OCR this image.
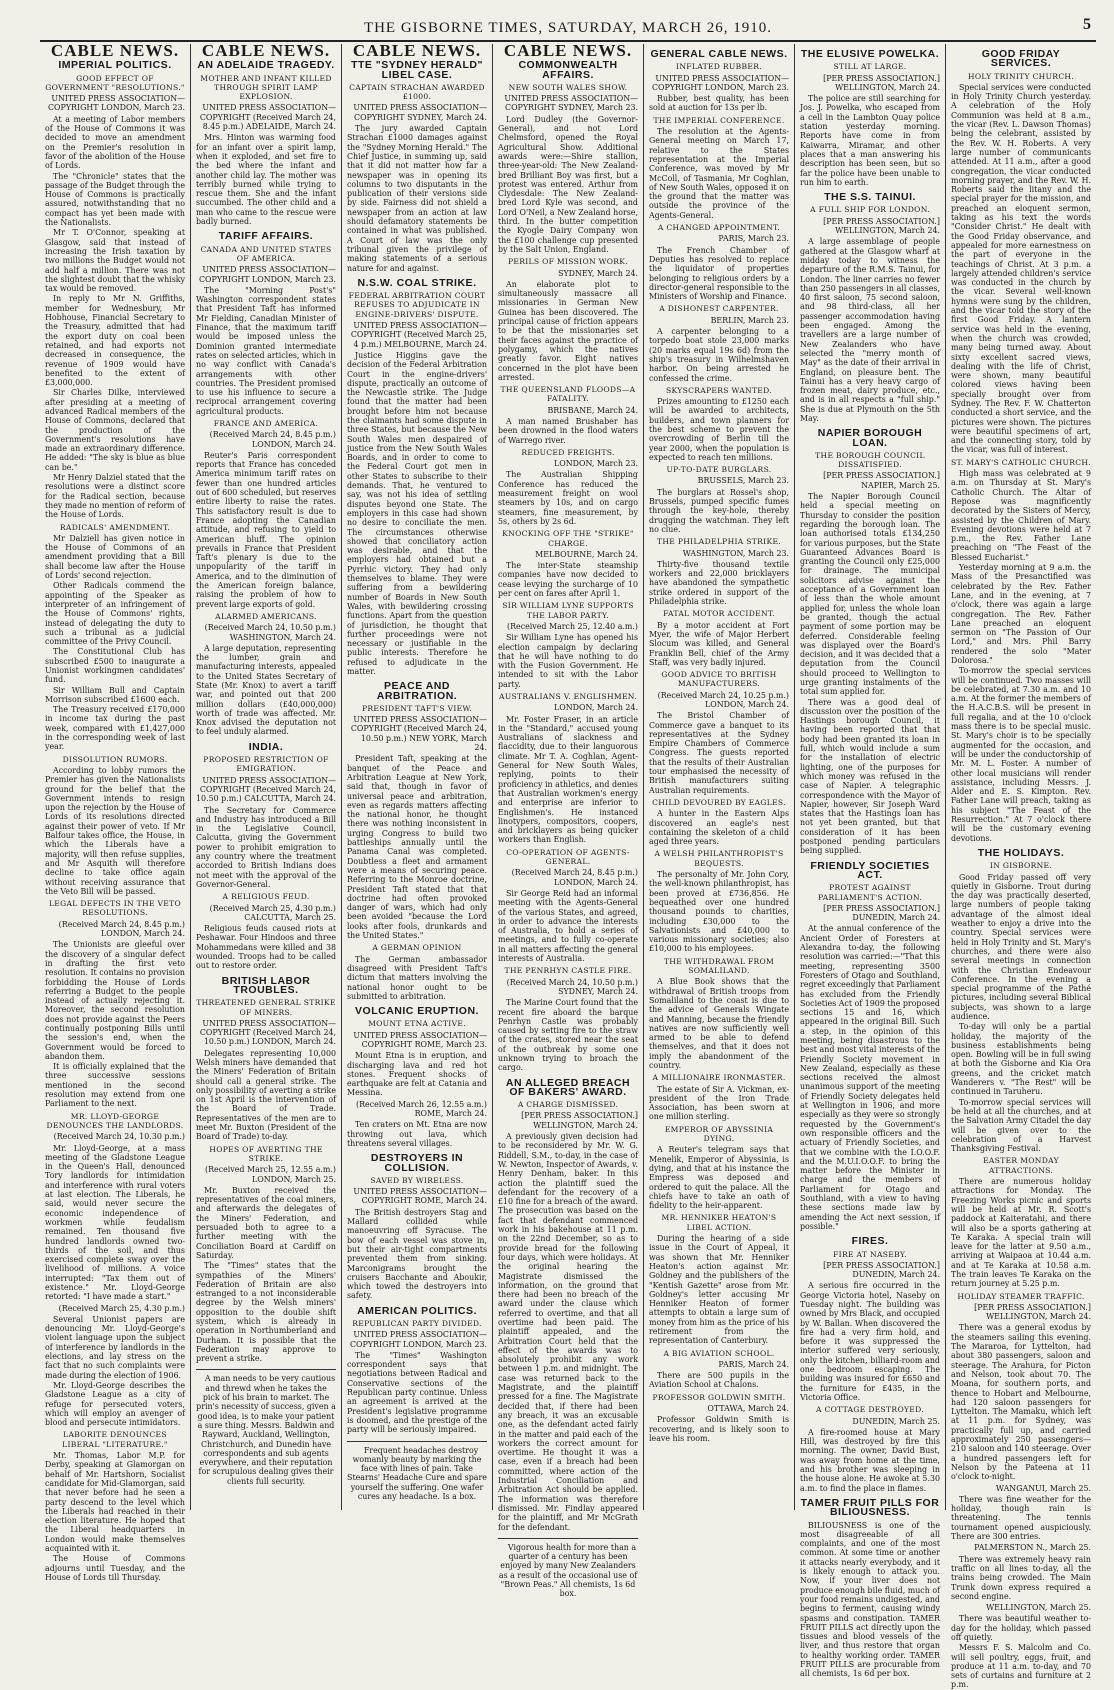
THE GISBORNE TIMES, SATURDAY, MARCH 26, 1910.	5
CABLE NEWS.
IMPERIAL POLITICS.
GOOD EFFECT OF GOVERNMENT "RESOLUTIONS."
UNITED PRESS ASSOCIATION—COPYRIGHT LONDON, March 23.

At a meeting of Labor members of the House of Commons it was decided to move an amendment on the Premier's resolution in favor of the abolition of the House of Lords.

The "Chronicle" states that the passage of the Budget through the House of Commons is practically assured, notwithstanding that no compact has yet been made with the Nationalists.

Mr T. O'Connor, speaking at Glasgow, said that instead of increasing the Irish taxation by two millions the Budget would not add half a million. There was not the slightest doubt that the whisky tax would be removed.

In reply to Mr N. Griffiths, member for Wednesbury, Mr Hobhouse, Financial Secretary to the Treasury, admitted that had the export duty on coal been retained, and had exports not decreased in consequence, the revenue of 1909 would have benefited to the extent of £3,000,000.

Sir Charles Dilke, interviewed after presiding at a meeting of advanced Radical members of the House of Commons, declared that the production of the Government's resolutions have made an extraordinary difference. He added: "The sky is blue as blue can be."

Mr Henry Dalziel stated that the resolutions were a distinct score for the Radical section, because they made no mention of reform of the House of Lords.

RADICALS' AMENDMENT.

Mr Dalziell has given notice in the House of Commons of an amendment providing that a Bill shall become law after the House of Lords' second rejection.

Other Radicals commend the appointing of the Speaker as interpreter of an infringement of the House of Commons' rights, instead of delegating the duty to such a tribunal as a judicial committee of the Privy Council.

The Constitutional Club has subscribed £500 to inaugurate a Unionist workingmen candidates' fund.

Sir William Bull and Captain Morrison subscribed £1600 each.

The Treasury received £170,000 in income tax during the past week, compared with £1,427,000 in the corresponding week of last year.

DISSOLUTION RUMORS.

According to lobby rumors the Premier has given the Nationalists ground for the belief that the Government intends to resign upon the rejection by the House of Lords of its resolutions directed against their power of veto. If Mr Balfour takes office, the House, in which the Liberals have a majority, will then refuse supplies, and Mr Asquith will therefore decline to take office again without receiving assurance that the Veto Bill will be passed.

LEGAL DEFECTS IN THE VETO RESOLUTIONS.
(Received March 24, 8.45 p.m.) LONDON, March 24.

The Unionists are gleeful over the discovery of a singular defect in drafting the first veto resolution. It contains no provision forbidding the House of Lords referring a Budget to the people instead of actually rejecting it. Moreover, the second resolution does not provide against the Peers continually postponing Bills until the session's end, when the Government would be forced to abandon them.

It is officially explained that the three successive sessions mentioned in the second resolution may extend from one Parliament to the next.

MR. LLOYD-GEORGE DENOUNCES THE LANDLORDS.
(Received March 24, 10.30 p.m.)

Mr. Lloyd-George, at a mass meeting of the Gladstone League in the Queen's Hall, denounced Tory landlords for intimidation and interference with rural voters at last election. The Liberals, he said, would never secure the economic independence of workmen while feudalism remained. Ten thousand five hundred landlords owned two-thirds of the soil, and thus exercised complete sway over the livelihood of millions. A voice interrupted: "Tax them out of existence." Mr. Lloyd-George retorted: "I have made a start."

(Received March 25, 4.30 p.m.)

Several Unionist papers are denouncing Mr. Lloyd-George's violent language upon the subject of interference by landlords in the elections, and lay stress on the fact that no such complaints were made during the election of 1906.

Mr. Lloyd-George describes the Gladstone League as a city of refuge for persecuted voters, which will employ an avenger of blood and persecute intimidators.

LABORITE DENOUNCES LIBERAL "LITERATURE."

Mr. Thomas, Labor M.P. for Derby, speaking at Glamorgan on behalf of Mr. Hartshorn, Socialist candidate for Mid-Glamorgan, said that never before had he seen a party descend to the level which the Liberals had reached in their election literature. He hoped that the Liberal headquarters in London would make themselves acquainted with it.

The House of Commons adjourns until Tuesday, and the House of Lords till Thursday.

CABLE NEWS.
AN ADELAIDE TRAGEDY.
MOTHER AND INFANT KILLED THROUGH SPIRIT LAMP EXPLOSION.
UNITED PRESS ASSOCIATION—COPYRIGHT (Received March 24, 8.45 p.m.) ADELAIDE, March 24.

Mrs. Hinton was warming food for an infant over a spirit lamp, when it exploded, and set fire to the bed where the infant and another child lay. The mother was terribly burned while trying to rescue them. She and the infant succumbed. The other child and a man who came to the rescue were badly burned.

TARIFF AFFAIRS.
CANADA AND UNITED STATES OF AMERICA.
UNITED PRESS ASSOCIATION—COPYRIGHT LONDON, March 23.

The "Morning Post's" Washington correspondent states that President Taft has informed Mr Fielding, Canadian Minister of Finance, that the maximum tariff would be imposed unless the Dominion granted intermediate rates on selected articles, which in no way conflict with Canada's arrangements with other countries. The President promised to use his influence to secure a reciprocal arrangement covering agricultural products.

FRANCE AND AMERICA.
(Received March 24, 8.45 p.m.) LONDON, March 24.

Reuter's Paris correspondent reports that France has conceded America minimum tariff rates on fewer than one hundred articles out of 600 scheduled, but reserves entire liberty to raise the rates. This satisfactory result is due to France adopting the Canadian attitude, and refusing to yield to American bluff. The opinion prevails in France that President Taft's plenary is due to the unpopularity of the tariff in America, and to the diminution of the American foreign balance, raising the problem of how to prevent large exports of gold.

ALARMED AMERICANS.
(Received March 24, 10.50 p.m.) WASHINGTON, March 24.

A large deputation, representing the lumber, grain and manufacturing interests, appealed to the United States Secretary of State (Mr. Knox) to avert a tariff war, and pointed out that 200 million dollars (£40,000,000) worth of trade was affected. Mr. Knox advised the deputation not to feel unduly alarmed.

INDIA.
PROPOSED RESTRICTION OF EMIGRATION.
UNITED PRESS ASSOCIATION—COPYRIGHT (Received March 24, 10.50 p.m.) CALCUTTA, March 24.

The Secretary for Commerce and Industry has introduced a Bill in the Legislative Council, Calcutta, giving the Government power to prohibit emigration to any country where the treatment accorded to British Indians does not meet with the approval of the Governor-General.

A RELIGIOUS FEUD.
(Received March 25, 4.30 p.m.) CALCUTTA, March 25.

Religious feuds caused riots at Peshawar. Four Hindoos and three Mohammedans were killed and 38 wounded. Troops had to be called out to restore order.

BRITISH LABOR TROUBLES.
THREATENED GENERAL STRIKE OF MINERS.
UNITED PRESS ASSOCIATION—COPYRIGHT (Received March 24, 10.50 p.m.) LONDON, March 24.

Delegates representing 10,000 Welsh miners have demanded that the Miners' Federation of Britain should call a general strike. The only possibility of averting a strike on 1st April is the intervention of the Board of Trade. Representatives of the men are to meet Mr. Buxton (President of the Board of Trade) to-day.

HOPES OF AVERTING THE STRIKE.
(Received March 25, 12.55 a.m.) LONDON, March 25.

Mr. Buxton received the representatives of the coal miners, and afterwards the delegates of the Miners' Federation, and persuaded both to agree to a further meeting with the Conciliation Board at Cardiff on Saturday.

The "Times" states that the sympathies of the Miners' Federation of Britain are also estranged to a not inconsiderable degree by the Welsh miners' opposition to the double shift system, which is already in operation in Northumberland and Durham. It is possible that the Federation may approve to prevent a strike.

A man needs to be very cautious and threwd when he takes the pick of his brain to market. The prin's necessity of success, given a good idea, is to make your patient a sure thing. Messrs. Baldwin and Rayward, Auckland, Wellington, Christchurch, and Dunedin have correspondents and sub agents everywhere, and their reputation for scrupulous dealing gives their clients full security.

CABLE NEWS.
TTE "SYDNEY HERALD" LIBEL CASE.
CAPTAIN STRACHAN AWARDED £1000.
UNITED PRESS ASSOCIATION—COPYRIGHT SYDNEY, March 24.

The jury awarded Captain Strachan £1000 damages against the "Sydney Morning Herald." The Chief Justice, in summing up, said that it did not matter how far a newspaper was in opening its columns to two disputants in the publication of their versions side by side. Fairness did not shield a newspaper from an action at law should defamatory statements be contained in what was published. A Court of law was the only tribunal given the privilege of making statements of a serious nature for and against.

N.S.W. COAL STRIKE.
FEDERAL ARBITRATION COURT REFUSES TO ADJUDICATE IN ENGINE-DRIVERS' DISPUTE.
UNITED PRESS ASSOCIATION—COPYRIGHT (Received March 25, 4 p.m.) MELBOURNE, March 24.

Justice Higgins gave the decision of the Federal Arbitration Court in the engine-drivers' dispute, practically an outcome of the Newcastle strike. The Judge found that the matter had been brought before him not because the claimants had some dispute in three States, but because the New South Wales men despaired of justice from the New South Wales Boards, and in order to come to the Federal Court got men in other States to subscribe to their demands. That, he ventured to say, was not his idea of settling disputes beyond one State. The employers in this case had shown no desire to conciliate the men. The circumstances otherwise showed that conciliatory action was desirable, and that the employers had obtained but a Pyrrhic victory. They had only themselves to blame. They were suffering from a bewildering number of Boards in New South Wales, with bewildering crossing functions. Apart from the question of jurisdiction, he thought that further proceedings were not necessary or justifiable in the public interests. Therefore he refused to adjudicate in the matter.

PEACE AND ARBITRATION.
PRESIDENT TAFT'S VIEW.
UNITED PRESS ASSOCIATION—COPYRIGHT (Received March 24, 10.50 p.m.) NEW YORK, March 24.

President Taft, speaking at the banquet of the Peace and Arbitration League at New York, said that, though in favor of universal peace and arbitration, even as regards matters affecting the national honor, he thought there was nothing inconsistent in urging Congress to build two battleships annually until the Panama Canal was completed. Doubtless a fleet and armament were a means of securing peace. Referring to the Monroe doctrine, President Taft stated that that doctrine had often provoked danger of wars, which had only been avoided "because the Lord looks after fools, drunkards and the United States."

A GERMAN OPINION

The German ambassador disagreed with President Taft's dictum that matters involving the national honor ought to be submitted to arbitration.

VOLCANIC ERUPTION.
MOUNT ETNA ACTIVE.
UNITED PRESS ASSOCIATION—COPYRIGHT ROME, March 23.

Mount Etna is in eruption, and discharging lava and red hot stones. Frequent shocks of earthquake are felt at Catania and Messina.

(Received March 26, 12.55 a.m.) ROME, March 24.

Ten craters on Mt. Etna are now throwing out lava, which threatens several villages.

DESTROYERS IN COLLISION.
SAVED BY WIRELESS.
UNITED PRESS ASSOCIATION—COPYRIGHT ROME, March 24.

The British destroyers Stag and Mallard collided while manoeuvring off Syracuse. The bow of each vessel was stove in, but their air-tight compartments prevented them from sinking. Marconigrams brought the cruisers Bacchante and Aboukir, which towed the destroyers into safety.

AMERICAN POLITICS.
REPUBLICAN PARTY DIVIDED.
UNITED PRESS ASSOCIATION—COPYRIGHT LONDON, March 23.

The "Times" Washington correspondent says that negotiations between Radical and Conservative sections of the Republican party continue. Unless an agreement is arrived at the President's legislative programme is doomed, and the prestige of the party will be seriously impaired.

Frequent headaches destroy womanly beauty by marking the face with lines of pain. Take Stearns' Headache Cure and spare yourself the suffering. One wafer cures any headache. Is a box.

CABLE NEWS.
COMMONWEALTH AFFAIRS.
NEW SOUTH WALES SHOW.
UNITED PRESS ASSOCIATION—COPYRIGHT SYDNEY, March 23.

Lord Dudley (the Governor-General), and not Lord Chelmsford, opened the Royal Agricultural Show. Additional awards were:—Shire stallion, three-year-old: The New Zealand-bred Brilliant Boy was first, but a protest was entered. Arthur from Clydesdale: The New Zealand-bred Lord Kyle was second, and Lord O'Neil, a New Zealand horse, third. In the butter competition the Kyogle Dairy Company won the £100 challenge cup presented by the Salt Union, England.

PERILS OF MISSION WORK.
SYDNEY, March 24.

An elaborate plot to simultaneously massacre all missionaries in German New Guinea has been discovered. The principal cause of friction appears to be that the missionaries set their faces against the practice of polygamy, which the natives greatly favor. Eight natives concerned in the plot have been arrested.

THE QUEENSLAND FLOODS—A FATALITY.
BRISBANE, March 24.

A man named Brushaber has been drowned in the flood waters of Warrego river.

REDUCED FREIGHTS.
LONDON, March 23.

The Australian Shipping Conference has reduced the measurement freight on wool steamers by 10s, and on cargo steamers, fine measurement, by 5s, others by 2s 6d.

KNOCKING OFF THE "STRIKE" CHARGE.
MELBOURNE, March 24.

The inter-State steamship companies have now decided to cease levying the surcharge of 10 per cent on fares after April 1.

SIR WILLIAM LYNE SUPPORTS THE LABOR PARTY.
(Received March 25, 12.40 a.m.)

Sir William Lyne has opened his election campaign by declaring that he will have nothing to do with the Fusion Government. He intended to sit with the Labor party.

AUSTRALIANS V. ENGLISHMEN.
LONDON, March 24.

Mr. Foster Fraser, in an article in the "Standard," accused young Australians of slackness and flaccidity, due to their languorous climate. Mr T. A. Coghlan, Agent-General for New South Wales, replying, points to their proficiency in athletics, and denies that Australian workmen's energy and enterprise are inferior to Englishmen's. He instanced linotypers, compositors, coopers, and bricklayers as being quicker workers than English.

CO-OPERATION OF AGENTS-GENERAL.
(Received March 24, 8.45 p.m.) LONDON, March 24.

Sir George Reid had an informal meeting with the Agents-General of the various States, and agreed, in order to advance the interests of Australia, to hold a series of meetings, and to fully co-operate in all matters affecting the general interests of Australia.

THE PENRHYN CASTLE FIRE.
(Received March 24, 10.50 p.m.) SYDNEY, March 24.

The Marine Court found that the recent fire aboard the barque Penrhyn Castle was probably caused by setting fire to the straw of the crates, stored near the seat of the outbreak by some one unknown trying to broach the cargo.

AN ALLEGED BREACH OF BAKERS' AWARD.
A CHARGE DISMISSED.
[PER PRESS ASSOCIATION.] WELLINGTON, March 24.

A previously given decision had to be reconsidered by Mr. W. G. Riddell, S.M., to-day, in the case of W. Newton, Inspector of Awards, v. Henry Denham, baker. In this action the plaintiff sued the defendant for the recovery of a £10 fine for a breach of the award. The prosecution was based on the fact that defendant commenced work in his bakehouse at 11 p.m. on the 22nd December, so as to provide bread for the following four days, which were holidays. At the original hearing the Magistrate dismissed the information, on the ground that there had been no breach of the award under the clause which referred to overtime, and that all overtime had been paid. The plaintiff appealed, and the Arbitration Court held that the effect of the awards was to absolutely prohibit any work between 1 p.m. and midnight. The case was returned back to the Magistrate, and the plaintiff pressed for a fine. The Magistrate decided that, if there had been any breach, it was an excusable one, as the defendant acted fairly in the matter and paid each of the workers the correct amount for overtime. He thought it was a case, even if a breach had been committed, where action of the Industrial Conciliation and Arbitration Act should be applied. The information was therefore dismissed. Mr. Findlay appeared for the plaintiff, and Mr McGrath for the defendant.

Vigorous health for more than a quarter of a century has been enjoyed by many New Zealanders as a result of the occasional use of "Brown Peas." All chemists, 1s 6d box.

GENERAL CABLE NEWS.
INFLATED RUBBER.
UNITED PRESS ASSOCIATION—COPYRIGHT LONDON, March 23.

Rubber, best quality, has been sold at auction for 13s per lb.

THE IMPERIAL CONFERENCE.

The resolution at the Agents-General meeting on March 17, relative to the States representation at the Imperial Conference, was moved by Mr McColl, of Tasmania, Mr Coghlan, of New South Wales, opposed it on the ground that the matter was outside the province of the Agents-General.

A CHANGED APPOINTMENT.
PARIS, March 23.

The French Chamber of Deputies has resolved to replace the liquidator of properties belonging to religious orders by a director-general responsible to the Ministers of Worship and Finance.

A DISHONEST CARPENTER.
BERLIN, March 23.

A carpenter belonging to a torpedo boat stole 23,000 marks (20 marks equal 19s 6d) from the ship's treasury in Wilhelmshaven harbor. On being arrested he confessed the crime.

SKYSCRAPERS WANTED.

Prizes amounting to £1250 each will be awarded to architects, builders, and town planners for the best scheme to prevent the overcrowding of Berlin till the year 2000, when the population is expected to reach ten millions.

UP-TO-DATE BURGLARS.
BRUSSELS, March 23.

The burglars at Rossel's shop, Brussels, pumped specific fumes through the key-hole, thereby drugging the watchman. They left no clue.

THE PHILADELPHIA STRIKE.
WASHINGTON, March 23.

Thirty-five thousand textile workers and 22,000 bricklayers have abandoned the sympathetic strike ordered in support of the Philadelphia strike.

FATAL MOTOR ACCIDENT.

By a motor accident at Fort Myer, the wife of Major Herbert Slocum was killed, and General Franklin Bell, chief of the Army Staff, was very badly injured.

GOOD ADVICE TO BRITISH MANUFACTURERS.
(Received March 24, 10.25 p.m.) LONDON, March 24.

The Bristol Chamber of Commerce gave a banquet to its representatives at the Sydney Empire Chambers of Commerce Congress. The guests reported that the results of their Australian tour emphasised the necessity of British manufacturers suiting Australian requirements.

CHILD DEVOURED BY EAGLES.

A hunter in the Eastern Alps discovered an eagle's nest containing the skeleton of a child aged three years.

A WELSH PHILANTHROPIST'S BEQUESTS.

The personalty of Mr. John Cory, the well-known philanthropist, has been proved at £736,856. He bequeathed over one hundred thousand pounds to charities, including £30,000 to the Salvationists and £40,000 to various missionary societies; also £10,000 to his employees.

THE WITHDRAWAL FROM SOMALILAND.

A Blue Book shows that the withdrawal of British troops from Somaliland to the coast is due to the advice of Generals Wingate and Manning, because the friendly natives are now sufficiently well armed to be able to defend themselves, and that it does not imply the abandonment of the country.

A MILLIONAIRE IRONMASTER.

The estate of Sir A. Vickman, ex-president of the Iron Trade Association, has been sworn at one million sterling.

EMPEROR OF ABYSSINIA DYING.

A Reuter's telegram says that Menelik, Emperor of Abyssinia, is dying, and that at his instance the Empress was deposed and ordered to quit the palace. All the chiefs have to take an oath of fidelity to the heir-apparent.

MR. HENNIKER HEATON'S LIBEL ACTION.

During the hearing of a side issue in the Court of Appeal, it was shown that Mr. Henniker Heaton's action against Mr. Goldney and the publishers of the "Kentish Gazette" arose from Mr. Goldney's letter accusing Mr Henniker Heaton of former attempts to obtain a large sum of money from him as the price of his retirement from the representation of Canterbury.

A BIG AVIATION SCHOOL.
PARIS, March 24.

There are 500 pupils in the Aviation School at Chalons.

PROFESSOR GOLDWIN SMITH.
OTTAWA, March 24.

Professor Goldwin Smith is recovering, and is likely soon to leave his room.

THE ELUSIVE POWELKA.
STILL AT LARGE.
[PER PRESS ASSOCIATION.] WELLINGTON, March 24.

The police are still searching for Jos. J. Powelka, who escaped from a cell in the Lambton Quay police station yesterday morning. Reports have come in from Kaiwarra, Miramar, and other places that a man answering his description has been seen, but so far the police have been unable to run him to earth.

THE S.S. TAINUI.
A FULL SHIP FOR LONDON.
[PER PRESS ASSOCIATION.] WELLINGTON, March 24.

A large assemblage of people gathered at the Glasgow wharf at midday today to witness the departure of the R.M.S. Tainui, for London. The liner carries no fewer than 250 passengers in all classes, 40 first saloon, 75 second saloon, and 98 third-class, all her passenger accommodation having been engaged. Among the travellers are a large number of New Zealanders who have selected the "merry month of May" as the date of their arrival in England, on pleasure bent. The Tainui has a very heavy cargo of frozen meat, dairy produce, etc., and is in all respects a "full ship." She is due at Plymouth on the 5th May.

NAPIER BOROUGH LOAN.
THE BOROUGH COUNCIL DISSATISFIED.
[PER PRESS ASSOCIATION.] NAPIER, March 25.

The Napier Borough Council held a special meeting on Thursday to consider the position regarding the borough loan. The loan authorised totals £134,250 for various purposes, but the State Guaranteed Advances Board is granting the Council only £25,000 for drainage. The municipal solicitors advise against the acceptance of a Government loan of less than the whole amount applied for, unless the whole loan be granted, though the actual payment of some portion may be deferred. Considerable feeling was displayed over the Board's decision, and it was decided that a deputation from the Council should proceed to Wellington to urge granting instalments of the total sum applied for.

There was a good deal of discussion over the position of the Hastings borough Council, it having been reported that that body had been granted its loan in full, which would include a sum for the installation of electric lighting, one of the purposes for which money was refused in the case of Napier. A telegraphic correspondence with the Mayor of Napier, however, Sir Joseph Ward states that the Hastings loan has not yet been granted, but that consideration of it has been postponed pending particulars being supplied.

FRIENDLY SOCIETIES ACT.
PROTEST AGAINST PARLIAMENT'S ACTION.
[PER PRESS ASSOCIATION.] DUNEDIN, March 24.

At the annual conference of the Ancient Order of Foresters at Alexandra to-day, the following resolution was carried:—"That this meeting, representing 3500 Foresters of Otago and Southland, regret exceedingly that Parliament has excluded from the Friendly Societies Act of 1909 the proposed sections 15 and 16, which appeared in the original Bill. Such a step, in the opinion of this meeting, being disastrous to the best and most vital interests of the Friendly Society movement in New Zealand, especially as these sections received the almost unanimous support of the meeting of Friendly Society delegates held at Wellington in 1906, and more especially as they were so strongly requested by the Government's own responsible officers and the actuary of Friendly Societies, and that we combine with the I.O.O.F. and the M.U.I.O.O.F. to bring the matter before the Minister in charge and the members of Parliament for Otago and Southland, with a view to having these sections made law by amending the Act next session, if possible."

FIRES.
FIRE AT NASEBY.
[PER PRESS ASSOCIATION.] DUNEDIN, March 24.

A serious fire occurred in the George Victoria hotel, Naseby on Tuesday night. The building was owned by Mrs Black, and occupied by W. Ballan. When discovered the fire had a very firm hold, and before it was suppressed the interior suffered very seriously, only the kitchen, billiard-room and one bedroom escaping. The building was insured for £650 and the furniture for £435, in the Victoria Office.

A COTTAGE DESTROYED.
DUNEDIN, March 25.

A fire-roomed house at Mary Hill, was destroyed by fire this morning. The owner, David Bust, was away from home at the time, and his brother was sleeping in the house alone. He awoke at 5.30 a.m. to find the place in flames.

TAMER FRUIT PILLS FOR BILIOUSNESS.

BILIOUSNESS is one of the most disagreeable of all complaints, and one of the most common. At some time or another it attacks nearly everybody, and it is likely enough to attack you. Now, if your liver does not produce enough bile fluid, much of your food remains undigested, and begins to ferment, causing windy spasms and constipation. TAMER FRUIT PILLS act directly upon the tissues and blood vessels of the liver, and thus restore that organ to healthy working order. TAMER FRUIT PILLS are procurable from all chemists, 1s 6d per box.

GOOD FRIDAY SERVICES.
HOLY TRINITY CHURCH.

Special services were conducted in Holy Trinity Church yesterday. A celebration of the Holy Communion was held at 8 a.m., the vicar (Rev. L. Dawson Thomas) being the celebrant, assisted by the Rev. W. H. Roberts. A very large number of communicants attended. At 11 a.m., after a good congregation, the vicar conducted morning prayer, and the Rev. W. H. Roberts said the litany and the special prayer for the mission, and preached an eloquent sermon, taking as his text the words "Consider Christ." He dealt with the Good Friday observance, and appealed for more earnestness on the part of everyone in the teachings of Christ. At 3 p.m. a largely attended children's service was conducted in the church by the vicar. Several well-known hymns were sung by the children, and the vicar told the story of the first Good Friday. A lantern service was held in the evening, when the church was crowded, many being turned away. About sixty excellent sacred views, dealing with the life of Christ, were shown, many beautiful colored views having been specially brought over from Sydney. The Rev. F. W. Chatterton conducted a short service, and the pictures were shown. The pictures were beautiful specimens of art, and the connecting story, told by the vicar, was full of interest.

ST. MARY'S CATHOLIC CHURCH.

High mass was celebrated at 9 a.m. on Thursday at St. Mary's Catholic Church. The Altar of Repose was magnificently decorated by the Sisters of Mercy, assisted by the Children of Mary. Evening devotions were held at 7 p.m., the Rev. Father Lane preaching on "The Feast of the Blessed Eucharist."

Yesterday morning at 9 a.m. the Mass of the Presanctified was celebrated by the Rev. Father Lane, and in the evening, at 7 o'clock, there was again a large congregation. The Rev. Father Lane preached an eloquent sermon on "The Passion of Our Lord," and Mrs. Phil Barry rendered the solo "Mater Dolorosa."

To-morrow the special services will be continued. Two masses will be celebrated, at 7.30 a.m. and 10 a.m. At the former the members of the H.A.C.B.S. will be present in full regalia, and at the 10 o'clock mass there is to be special music. St. Mary's choir is to be specially augmented for the occasion, and will be under the conductorship of Mr. M. L. Foster. A number of other local musicians will render assistance, including Messrs. J. Alder and E. S. Kimpton. Rev. Father Lane will preach, taking as his subject "The Feast of the Resurrection." At 7 o'clock there will be the customary evening devotions.

THE HOLIDAYS.
IN GISBORNE.

Good Friday passed off very quietly in Gisborne. Trout during the day was practically deserted, large numbers of people taking advantage of the almost ideal weather to enjoy a drive into the country. Special services were held in Holy Trinity and St. Mary's churches, and there were also several meetings in connection with the Christian Endeavour Conference. In the evening a special programme of the Pathé pictures, including several Biblical subjects, was shown to a large audience.

To-day will only be a partial holiday, the majority of the business establishments being open. Bowling will be in full swing at both the Gisborne and Kia Ora greens, and the cricket match Wanderers v. "The Rest" will be continued in Taruheru.

To-morrow special services will be held at all the churches, and at the Salvation Army Citadel the day will be given over to the celebration of a Harvest Thanksgiving Festival.

EASTER MONDAY ATTRACTIONS.

There are numerous holiday attractions for Monday. The Freezing Works picnic and sports will be held at Mr. R. Scott's paddock at Kaiteratahi, and there will also be a sports gathering at Te Karaka. A special train will leave for the latter at 9.50 a.m., arriving at Waipaoa at 10.44 a.m. and at Te Karaka at 10.58 a.m. The train leaves Te Karaka on the return journey at 5.25 p.m.

HOLIDAY STEAMER TRAFFIC.
[PER PRESS ASSOCIATION.] WELLINGTON, March 24.

There was a general exodus by the steamers sailing this evening. The Mararoa, for Lyttelton, had about 380 passengers, saloon and steerage. The Arahura, for Picton and Nelson, took about 70. The Moana, for southern ports, and thence to Hobart and Melbourne, had 120 saloon passengers for Lyttelton. The Mamaku, which left at 11 p.m. for Sydney, was practically full up, and carried approximately 250 passengers—210 saloon and 140 steerage. Over a hundred passengers left for Nelson by the Pateena at 11 o'clock to-night.

WANGANUI, March 25.

There was fine weather for the holiday, though rain is threatening. The tennis tournament opened auspiciously. There are 300 entries.

PALMERSTON N., March 25.

There was extremely heavy rain traffic on all lines to-day, all the trains being crowded. The Main Trunk down express required a second engine.

WELLINGTON, March 25.

There was beautiful weather to-day for the holiday, which passed off quietly.

Messrs F. S. Malcolm and Co. will sell poultry, eggs, fruit, and produce at 11 a.m. to-day, and 70 sets of curtains and furniture at 2 p.m.
